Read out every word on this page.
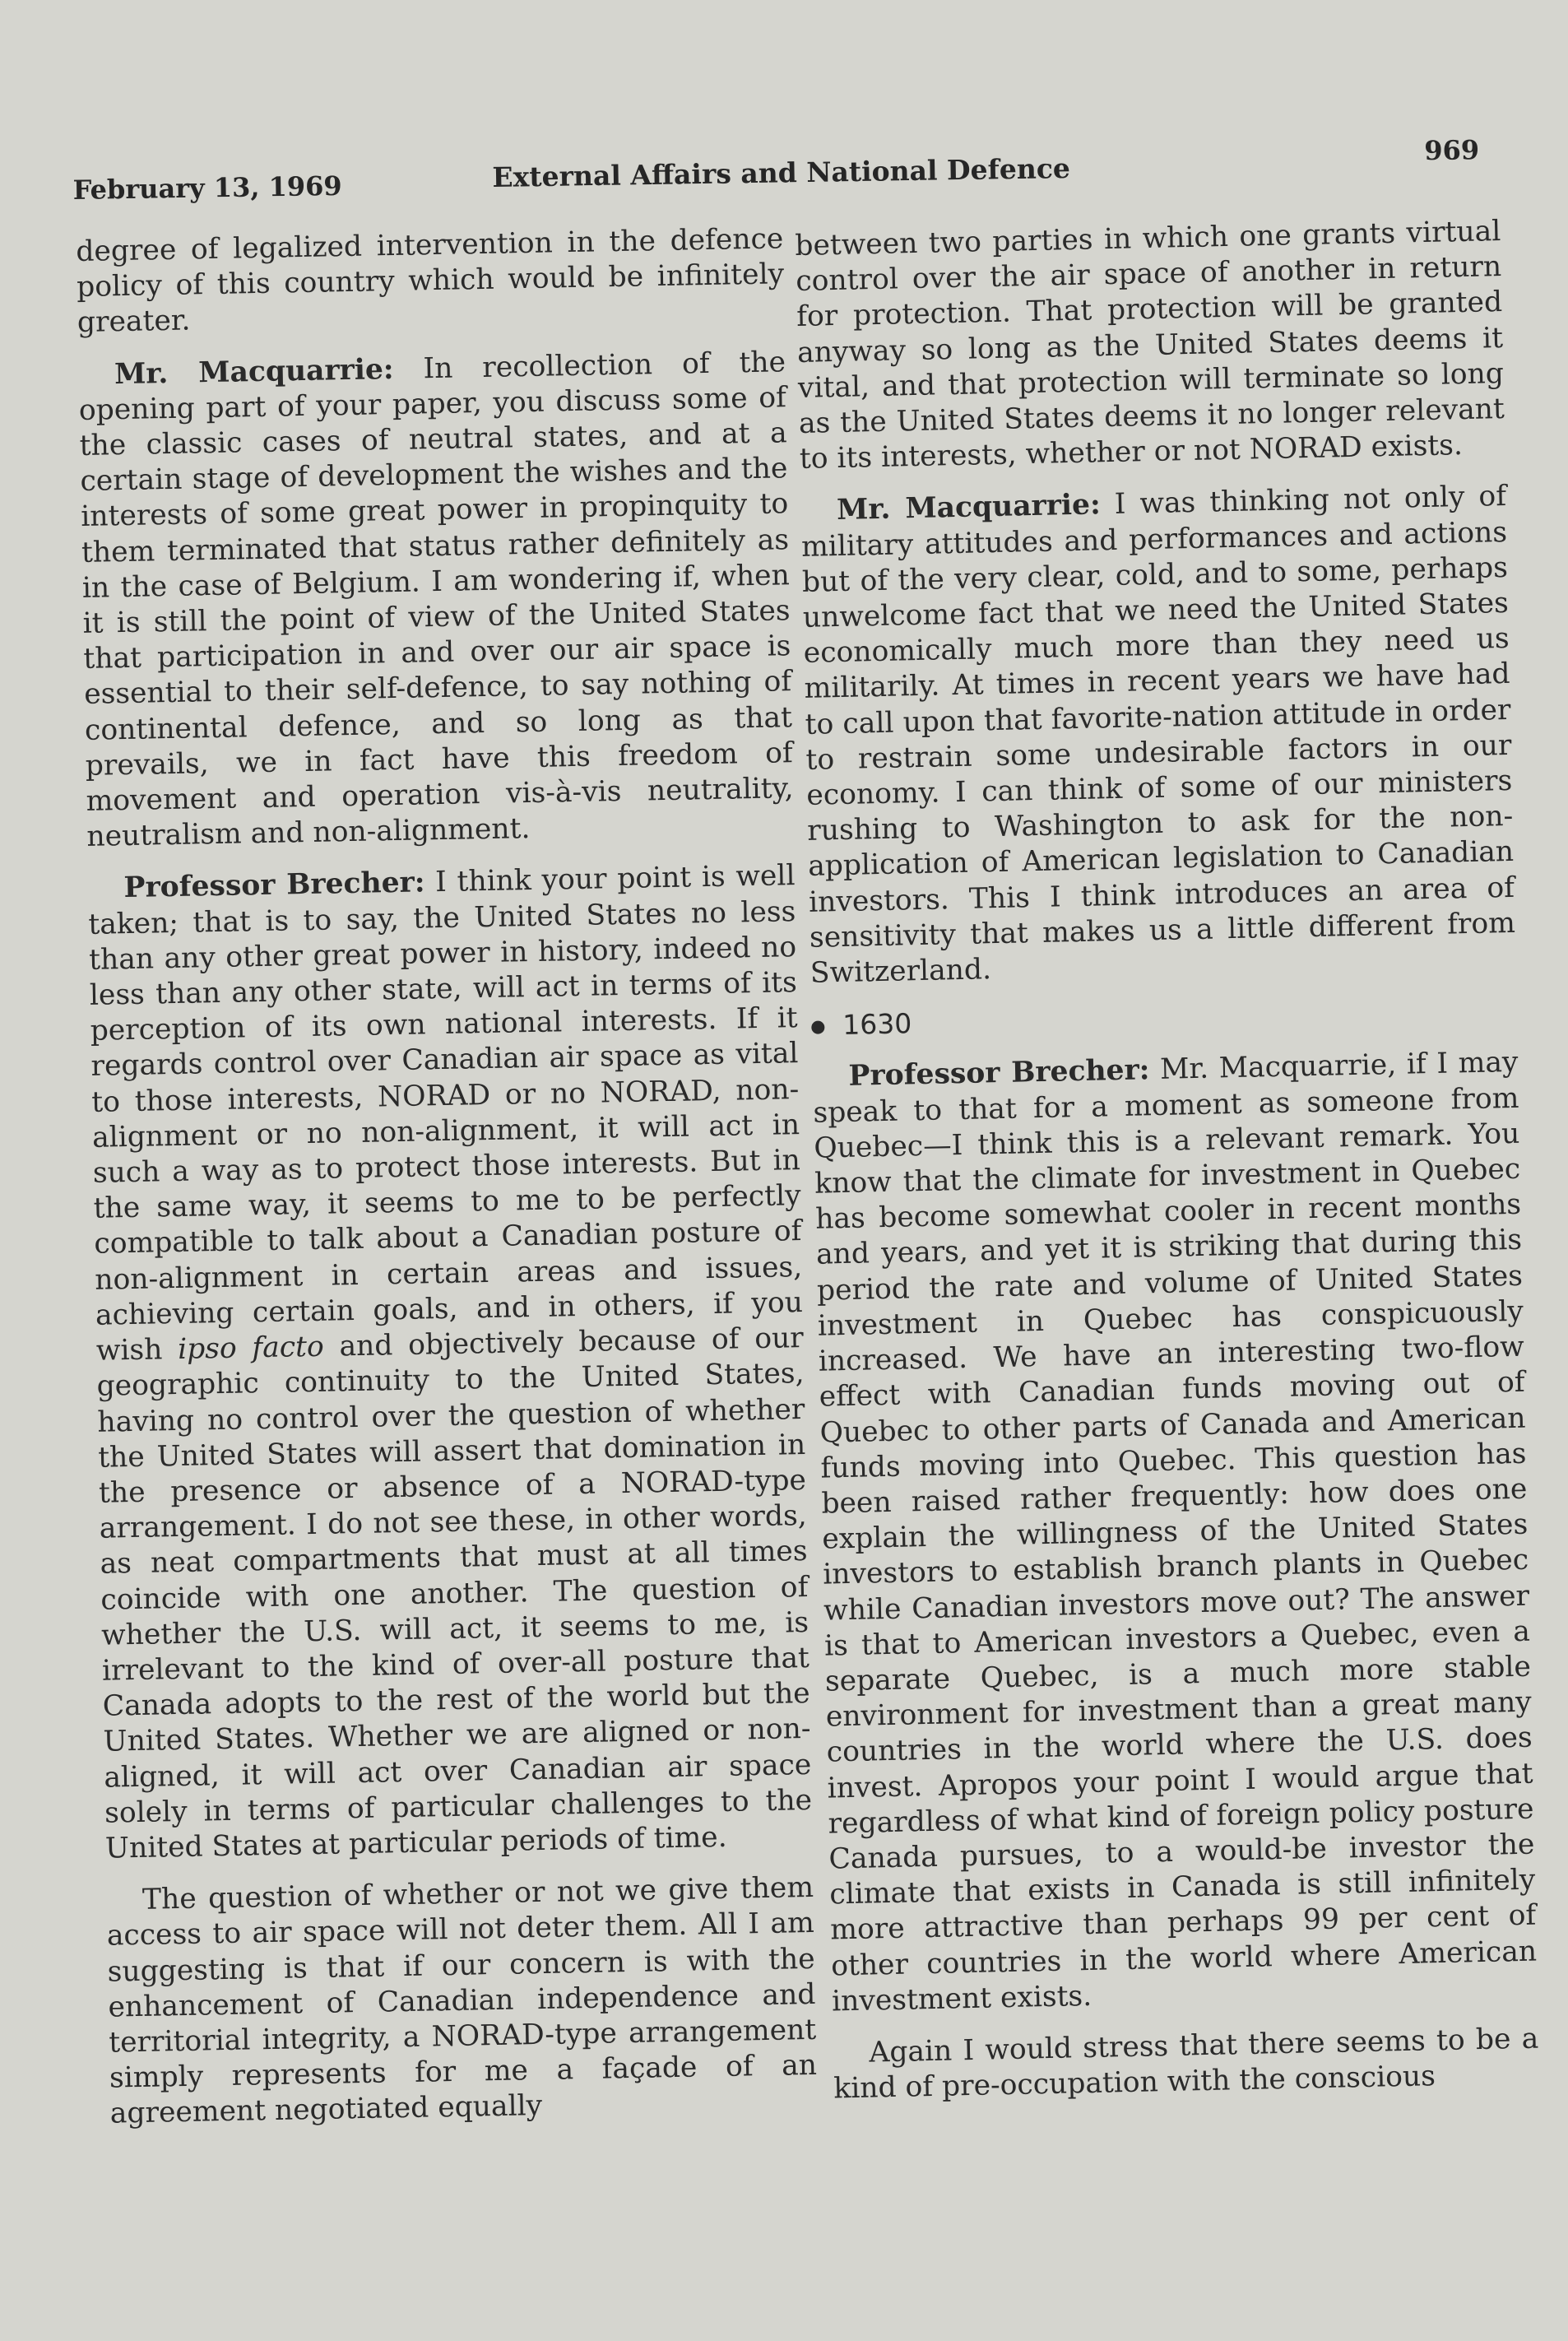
February 13, 1969	External Affairs and National Defence
969

degree of legalized intervention in the defence policy of this country which would be infinitely greater.

Mr. Macquarrie: In recollection of the opening part of your paper, you discuss some of the classic cases of neutral states, and at a certain stage of development the wishes and the interests of some great power in propinquity to them terminated that status rather definitely as in the case of Belgium. I am wondering if, when it is still the point of view of the United States that participation in and over our air space is essential to their self-defence, to say nothing of continental defence, and so long as that prevails, we in fact have this freedom of movement and operation vis-à-vis neutrality, neutralism and non-alignment.

Professor Brecher: I think your point is well taken; that is to say, the United States no less than any other great power in history, indeed no less than any other state, will act in terms of its perception of its own national interests. If it regards control over Canadian air space as vital to those interests, NORAD or no NORAD, non-alignment or no non-alignment, it will act in such a way as to protect those interests. But in the same way, it seems to me to be perfectly compatible to talk about a Canadian posture of non-alignment in certain areas and issues, achieving certain goals, and in others, if you wish ipso facto and objectively because of our geographic continuity to the United States, having no control over the question of whether the United States will assert that domination in the presence or absence of a NORAD-type arrangement. I do not see these, in other words, as neat compartments that must at all times coincide with one another. The question of whether the U.S. will act, it seems to me, is irrelevant to the kind of over-all posture that Canada adopts to the rest of the world but the United States. Whether we are aligned or non-aligned, it will act over Canadian air space solely in terms of particular challenges to the United States at particular periods of time.

The question of whether or not we give them access to air space will not deter them. All I am suggesting is that if our concern is with the enhancement of Canadian independence and territorial integrity, a NORAD-type arrangement simply represents for me a façade of an agreement negotiated equally

between two parties in which one grants virtual control over the air space of another in return for protection. That protection will be granted anyway so long as the United States deems it vital, and that protection will terminate so long as the United States deems it no longer relevant to its interests, whether or not NORAD exists.

Mr. Macquarrie: I was thinking not only of military attitudes and performances and actions but of the very clear, cold, and to some, perhaps unwelcome fact that we need the United States economically much more than they need us militarily. At times in recent years we have had to call upon that favorite-nation attitude in order to restrain some undesirable factors in our economy. I can think of some of our ministers rushing to Washington to ask for the non-application of American legislation to Canadian investors. This I think introduces an area of sensitivity that makes us a little different from Switzerland.

1630

Professor Brecher: Mr. Macquarrie, if I may speak to that for a moment as someone from Quebec—I think this is a relevant remark. You know that the climate for investment in Quebec has become somewhat cooler in recent months and years, and yet it is striking that during this period the rate and volume of United States investment in Quebec has conspicuously increased. We have an interesting two-flow effect with Canadian funds moving out of Quebec to other parts of Canada and American funds moving into Quebec. This question has been raised rather frequently: how does one explain the willingness of the United States investors to establish branch plants in Quebec while Canadian investors move out? The answer is that to American investors a Quebec, even a separate Quebec, is a much more stable environment for investment than a great many countries in the world where the U.S. does invest. Apropos your point I would argue that regardless of what kind of foreign policy posture Canada pursues, to a would-be investor the climate that exists in Canada is still infinitely more attractive than perhaps 99 per cent of other countries in the world where American investment exists.

Again I would stress that there seems to be a kind of pre-occupation with the conscious
